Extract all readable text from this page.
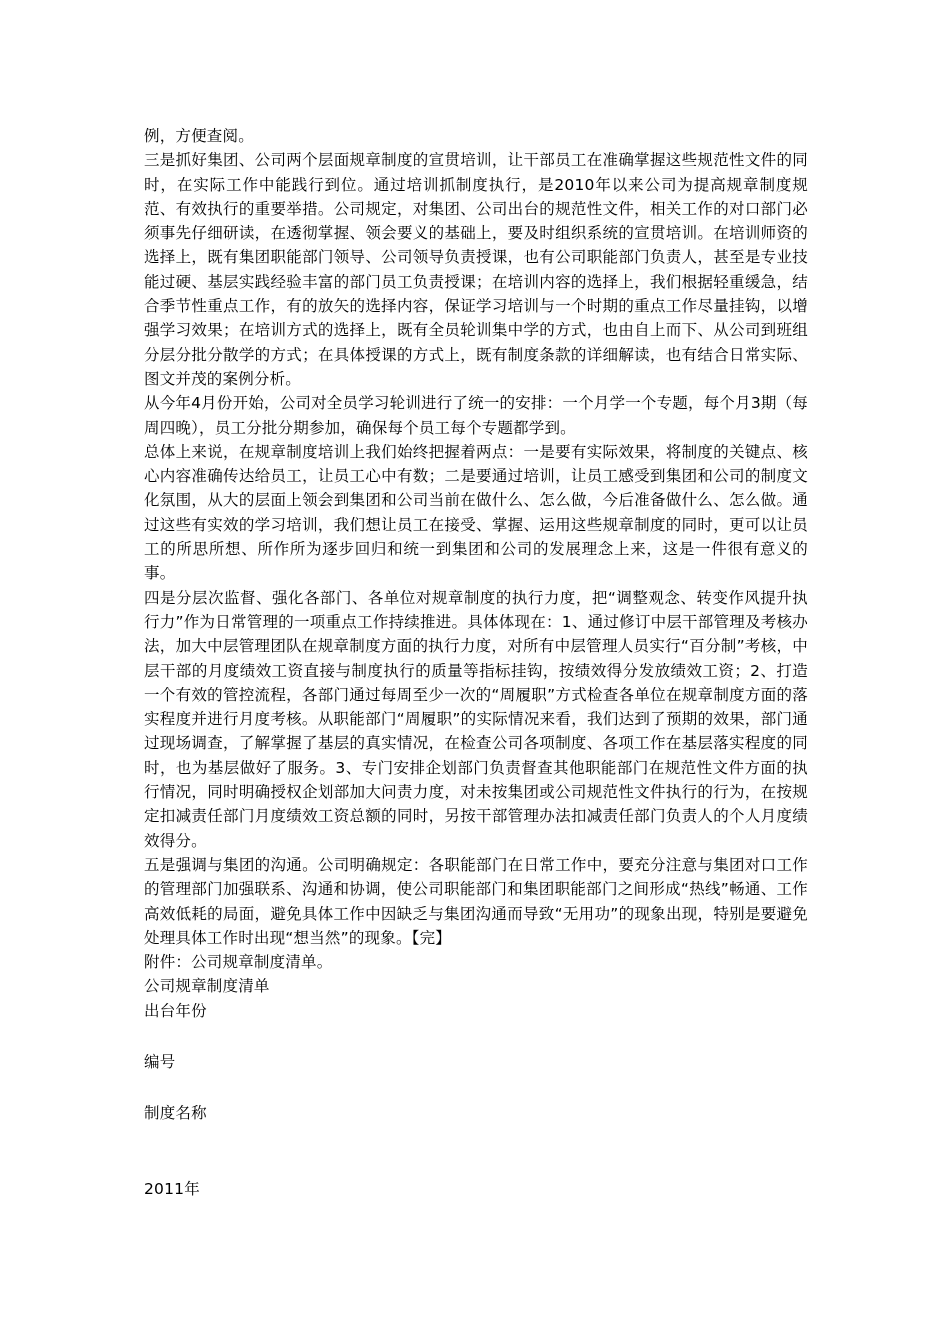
例，方便查阅。

三是抓好集团、公司两个层面规章制度的宣贯培训，让干部员工在准确掌握这些规范性文件的同时，在实际工作中能践行到位。通过培训抓制度执行，是2010年以来公司为提高规章制度规范、有效执行的重要举措。公司规定，对集团、公司出台的规范性文件，相关工作的对口部门必须事先仔细研读，在透彻掌握、领会要义的基础上，要及时组织系统的宣贯培训。在培训师资的选择上，既有集团职能部门领导、公司领导负责授课，也有公司职能部门负责人，甚至是专业技能过硬、基层实践经验丰富的部门员工负责授课；在培训内容的选择上，我们根据轻重缓急，结合季节性重点工作，有的放矢的选择内容，保证学习培训与一个时期的重点工作尽量挂钩，以增强学习效果；在培训方式的选择上，既有全员轮训集中学的方式，也由自上而下、从公司到班组分层分批分散学的方式；在具体授课的方式上，既有制度条款的详细解读，也有结合日常实际、图文并茂的案例分析。

从今年4月份开始，公司对全员学习轮训进行了统一的安排：一个月学一个专题，每个月3期（每周四晚），员工分批分期参加，确保每个员工每个专题都学到。

总体上来说，在规章制度培训上我们始终把握着两点：一是要有实际效果，将制度的关键点、核心内容准确传达给员工，让员工心中有数；二是要通过培训，让员工感受到集团和公司的制度文化氛围，从大的层面上领会到集团和公司当前在做什么、怎么做，今后准备做什么、怎么做。通过这些有实效的学习培训，我们想让员工在接受、掌握、运用这些规章制度的同时，更可以让员工的所思所想、所作所为逐步回归和统一到集团和公司的发展理念上来，这是一件很有意义的事。

四是分层次监督、强化各部门、各单位对规章制度的执行力度，把“调整观念、转变作风提升执行力”作为日常管理的一项重点工作持续推进。具体体现在：1、通过修订中层干部管理及考核办法，加大中层管理团队在规章制度方面的执行力度，对所有中层管理人员实行“百分制”考核，中层干部的月度绩效工资直接与制度执行的质量等指标挂钩，按绩效得分发放绩效工资；2、打造一个有效的管控流程，各部门通过每周至少一次的“周履职”方式检查各单位在规章制度方面的落实程度并进行月度考核。从职能部门“周履职”的实际情况来看，我们达到了预期的效果，部门通过现场调查，了解掌握了基层的真实情况，在检查公司各项制度、各项工作在基层落实程度的同时，也为基层做好了服务。3、专门安排企划部门负责督查其他职能部门在规范性文件方面的执行情况，同时明确授权企划部加大问责力度，对未按集团或公司规范性文件执行的行为，在按规定扣减责任部门月度绩效工资总额的同时，另按干部管理办法扣减责任部门负责人的个人月度绩效得分。

五是强调与集团的沟通。公司明确规定：各职能部门在日常工作中，要充分注意与集团对口工作的管理部门加强联系、沟通和协调，使公司职能部门和集团职能部门之间形成“热线”畅通、工作高效低耗的局面，避免具体工作中因缺乏与集团沟通而导致“无用功”的现象出现，特别是要避免处理具体工作时出现“想当然”的现象。【完】

附件：公司规章制度清单。

公司规章制度清单

出台年份

编号

制度名称

2011年
